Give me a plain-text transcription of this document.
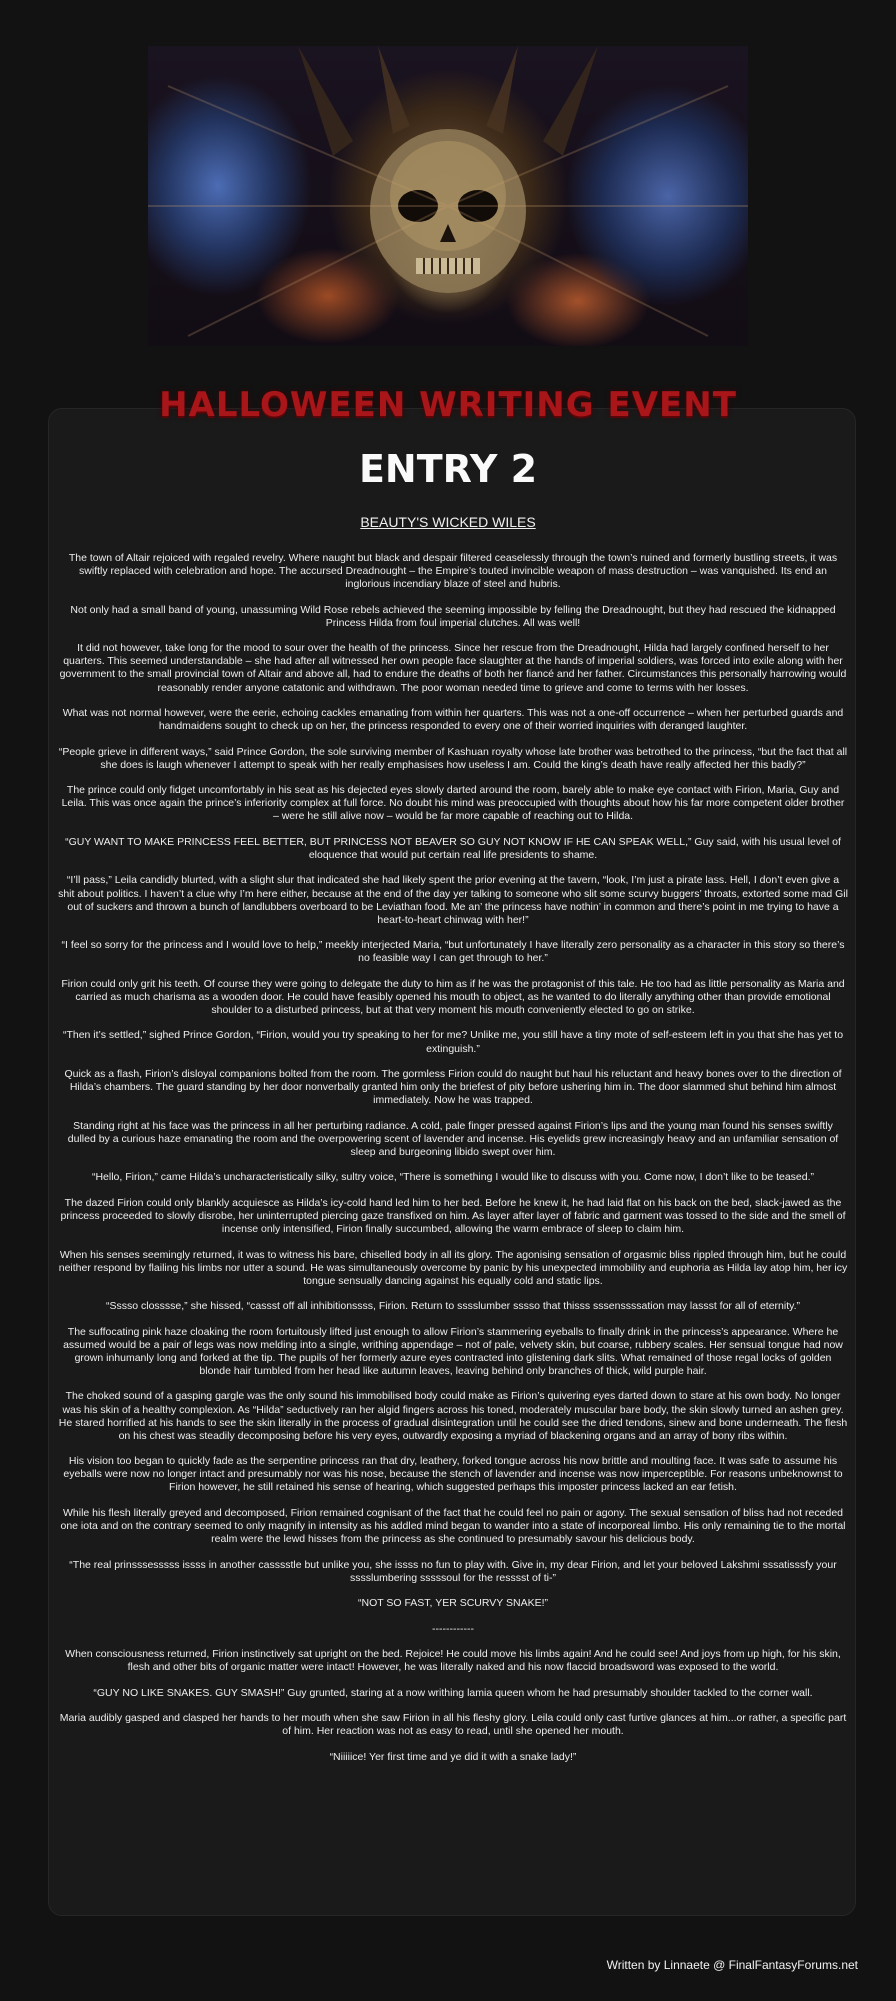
HALLOWEEN WRITING EVENT
ENTRY 2
BEAUTY'S WICKED WILES

The town of Altair rejoiced with regaled revelry. Where naught but black and despair filtered ceaselessly through the town’s ruined and formerly bustling streets, it was swiftly replaced with celebration and hope. The accursed Dreadnought – the Empire’s touted invincible weapon of mass destruction – was vanquished. Its end an inglorious incendiary blaze of steel and hubris.

Not only had a small band of young, unassuming Wild Rose rebels achieved the seeming impossible by felling the Dreadnought, but they had rescued the kidnapped Princess Hilda from foul imperial clutches. All was well!

It did not however, take long for the mood to sour over the health of the princess. Since her rescue from the Dreadnought, Hilda had largely confined herself to her quarters. This seemed understandable – she had after all witnessed her own people face slaughter at the hands of imperial soldiers, was forced into exile along with her government to the small provincial town of Altair and above all, had to endure the deaths of both her fiancé and her father. Circumstances this personally harrowing would reasonably render anyone catatonic and withdrawn. The poor woman needed time to grieve and come to terms with her losses.

What was not normal however, were the eerie, echoing cackles emanating from within her quarters. This was not a one-off occurrence – when her perturbed guards and handmaidens sought to check up on her, the princess responded to every one of their worried inquiries with deranged laughter.

“People grieve in different ways,” said Prince Gordon, the sole surviving member of Kashuan royalty whose late brother was betrothed to the princess, “but the fact that all she does is laugh whenever I attempt to speak with her really emphasises how useless I am. Could the king’s death have really affected her this badly?”

The prince could only fidget uncomfortably in his seat as his dejected eyes slowly darted around the room, barely able to make eye contact with Firion, Maria, Guy and Leila. This was once again the prince’s inferiority complex at full force. No doubt his mind was preoccupied with thoughts about how his far more competent older brother – were he still alive now – would be far more capable of reaching out to Hilda.

“GUY WANT TO MAKE PRINCESS FEEL BETTER, BUT PRINCESS NOT BEAVER SO GUY NOT KNOW IF HE CAN SPEAK WELL,” Guy said, with his usual level of eloquence that would put certain real life presidents to shame.

“I’ll pass,” Leila candidly blurted, with a slight slur that indicated she had likely spent the prior evening at the tavern, “look, I’m just a pirate lass. Hell, I don’t even give a shit about politics. I haven’t a clue why I’m here either, because at the end of the day yer talking to someone who slit some scurvy buggers’ throats, extorted some mad Gil out of suckers and thrown a bunch of landlubbers overboard to be Leviathan food. Me an’ the princess have nothin’ in common and there’s point in me trying to have a heart-to-heart chinwag with her!”

“I feel so sorry for the princess and I would love to help,” meekly interjected Maria, “but unfortunately I have literally zero personality as a character in this story so there’s no feasible way I can get through to her.”

Firion could only grit his teeth. Of course they were going to delegate the duty to him as if he was the protagonist of this tale. He too had as little personality as Maria and carried as much charisma as a wooden door. He could have feasibly opened his mouth to object, as he wanted to do literally anything other than provide emotional shoulder to a disturbed princess, but at that very moment his mouth conveniently elected to go on strike.

“Then it’s settled,” sighed Prince Gordon, “Firion, would you try speaking to her for me? Unlike me, you still have a tiny mote of self-esteem left in you that she has yet to extinguish.”

Quick as a flash, Firion’s disloyal companions bolted from the room. The gormless Firion could do naught but haul his reluctant and heavy bones over to the direction of Hilda’s chambers. The guard standing by her door nonverbally granted him only the briefest of pity before ushering him in. The door slammed shut behind him almost immediately. Now he was trapped.

Standing right at his face was the princess in all her perturbing radiance. A cold, pale finger pressed against Firion’s lips and the young man found his senses swiftly dulled by a curious haze emanating the room and the overpowering scent of lavender and incense. His eyelids grew increasingly heavy and an unfamiliar sensation of sleep and burgeoning libido swept over him.

“Hello, Firion,” came Hilda’s uncharacteristically silky, sultry voice, “There is something I would like to discuss with you. Come now, I don’t like to be teased.”

The dazed Firion could only blankly acquiesce as Hilda’s icy-cold hand led him to her bed. Before he knew it, he had laid flat on his back on the bed, slack-jawed as the princess proceeded to slowly disrobe, her uninterrupted piercing gaze transfixed on him. As layer after layer of fabric and garment was tossed to the side and the smell of incense only intensified, Firion finally succumbed, allowing the warm embrace of sleep to claim him.

When his senses seemingly returned, it was to witness his bare, chiselled body in all its glory. The agonising sensation of orgasmic bliss rippled through him, but he could neither respond by flailing his limbs nor utter a sound. He was simultaneously overcome by panic by his unexpected immobility and euphoria as Hilda lay atop him, her icy tongue sensually dancing against his equally cold and static lips.

“Sssso closssse,” she hissed, “cassst off all inhibitionssss, Firion. Return to sssslumber sssso that thisss sssenssssation may lassst for all of eternity.”

The suffocating pink haze cloaking the room fortuitously lifted just enough to allow Firion’s stammering eyeballs to finally drink in the princess’s appearance. Where he assumed would be a pair of legs was now melding into a single, writhing appendage – not of pale, velvety skin, but coarse, rubbery scales. Her sensual tongue had now grown inhumanly long and forked at the tip. The pupils of her formerly azure eyes contracted into glistening dark slits. What remained of those regal locks of golden blonde hair tumbled from her head like autumn leaves, leaving behind only branches of thick, wild purple hair.

The choked sound of a gasping gargle was the only sound his immobilised body could make as Firion’s quivering eyes darted down to stare at his own body. No longer was his skin of a healthy complexion. As “Hilda” seductively ran her algid fingers across his toned, moderately muscular bare body, the skin slowly turned an ashen grey. He stared horrified at his hands to see the skin literally in the process of gradual disintegration until he could see the dried tendons, sinew and bone underneath. The flesh on his chest was steadily decomposing before his very eyes, outwardly exposing a myriad of blackening organs and an array of bony ribs within.

His vision too began to quickly fade as the serpentine princess ran that dry, leathery, forked tongue across his now brittle and moulting face. It was safe to assume his eyeballs were now no longer intact and presumably nor was his nose, because the stench of lavender and incense was now imperceptible. For reasons unbeknownst to Firion however, he still retained his sense of hearing, which suggested perhaps this imposter princess lacked an ear fetish.

While his flesh literally greyed and decomposed, Firion remained cognisant of the fact that he could feel no pain or agony. The sexual sensation of bliss had not receded one iota and on the contrary seemed to only magnify in intensity as his addled mind began to wander into a state of incorporeal limbo. His only remaining tie to the mortal realm were the lewd hisses from the princess as she continued to presumably savour his delicious body.

“The real prinsssesssss issss in another casssstle but unlike you, she issss no fun to play with. Give in, my dear Firion, and let your beloved Lakshmi sssatisssfy your sssslumbering sssssoul for the resssst of ti-”

“NOT SO FAST, YER SCURVY SNAKE!”

------------

When consciousness returned, Firion instinctively sat upright on the bed. Rejoice! He could move his limbs again! And he could see! And joys from up high, for his skin, flesh and other bits of organic matter were intact! However, he was literally naked and his now flaccid broadsword was exposed to the world.

“GUY NO LIKE SNAKES. GUY SMASH!” Guy grunted, staring at a now writhing lamia queen whom he had presumably shoulder tackled to the corner wall.

Maria audibly gasped and clasped her hands to her mouth when she saw Firion in all his fleshy glory. Leila could only cast furtive glances at him...or rather, a specific part of him. Her reaction was not as easy to read, until she opened her mouth.

“Niiiiice! Yer first time and ye did it with a snake lady!”

Written by Linnaete @ FinalFantasyForums.net
